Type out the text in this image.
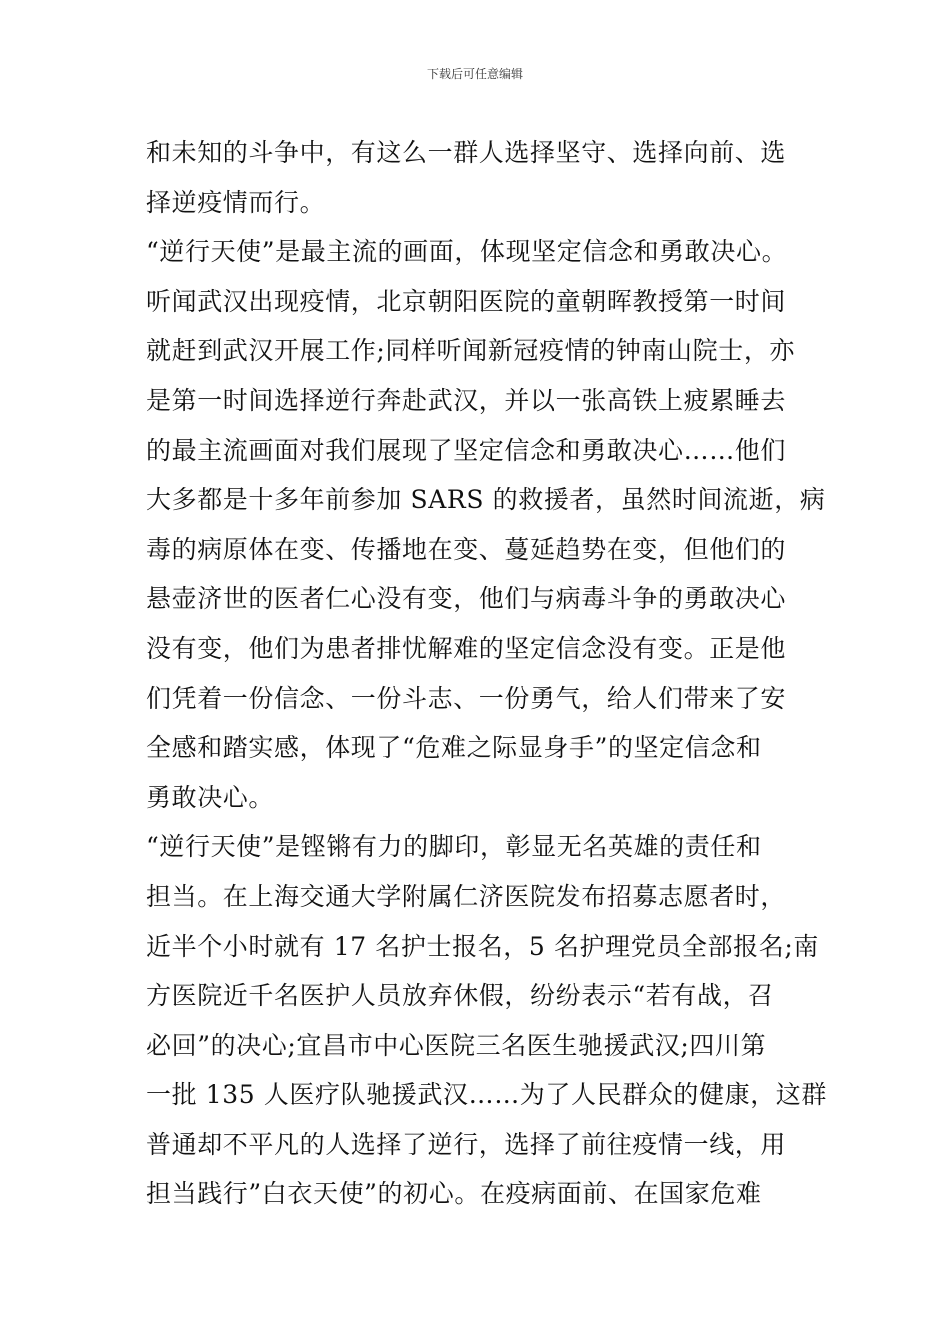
下载后可任意编辑
和未知的斗争中，有这么一群人选择坚守、选择向前、选
择逆疫情而行。
“逆行天使”是最主流的画面，体现坚定信念和勇敢决心。
听闻武汉出现疫情，北京朝阳医院的童朝晖教授第一时间
就赶到武汉开展工作;同样听闻新冠疫情的钟南山院士，亦
是第一时间选择逆行奔赴武汉，并以一张高铁上疲累睡去
的最主流画面对我们展现了坚定信念和勇敢决心……他们
大多都是十多年前参加 SARS 的救援者，虽然时间流逝，病
毒的病原体在变、传播地在变、蔓延趋势在变，但他们的
悬壶济世的医者仁心没有变，他们与病毒斗争的勇敢决心
没有变，他们为患者排忧解难的坚定信念没有变。正是他
们凭着一份信念、一份斗志、一份勇气，给人们带来了安
全感和踏实感，体现了“危难之际显身手”的坚定信念和
勇敢决心。
“逆行天使”是铿锵有力的脚印，彰显无名英雄的责任和
担当。在上海交通大学附属仁济医院发布招募志愿者时，
近半个小时就有 17 名护士报名，5 名护理党员全部报名;南
方医院近千名医护人员放弃休假，纷纷表示“若有战，召
必回”的决心;宜昌市中心医院三名医生驰援武汉;四川第
一批 135 人医疗队驰援武汉……为了人民群众的健康，这群
普通却不平凡的人选择了逆行，选择了前往疫情一线，用
担当践行”白衣天使”的初心。在疫病面前、在国家危难
